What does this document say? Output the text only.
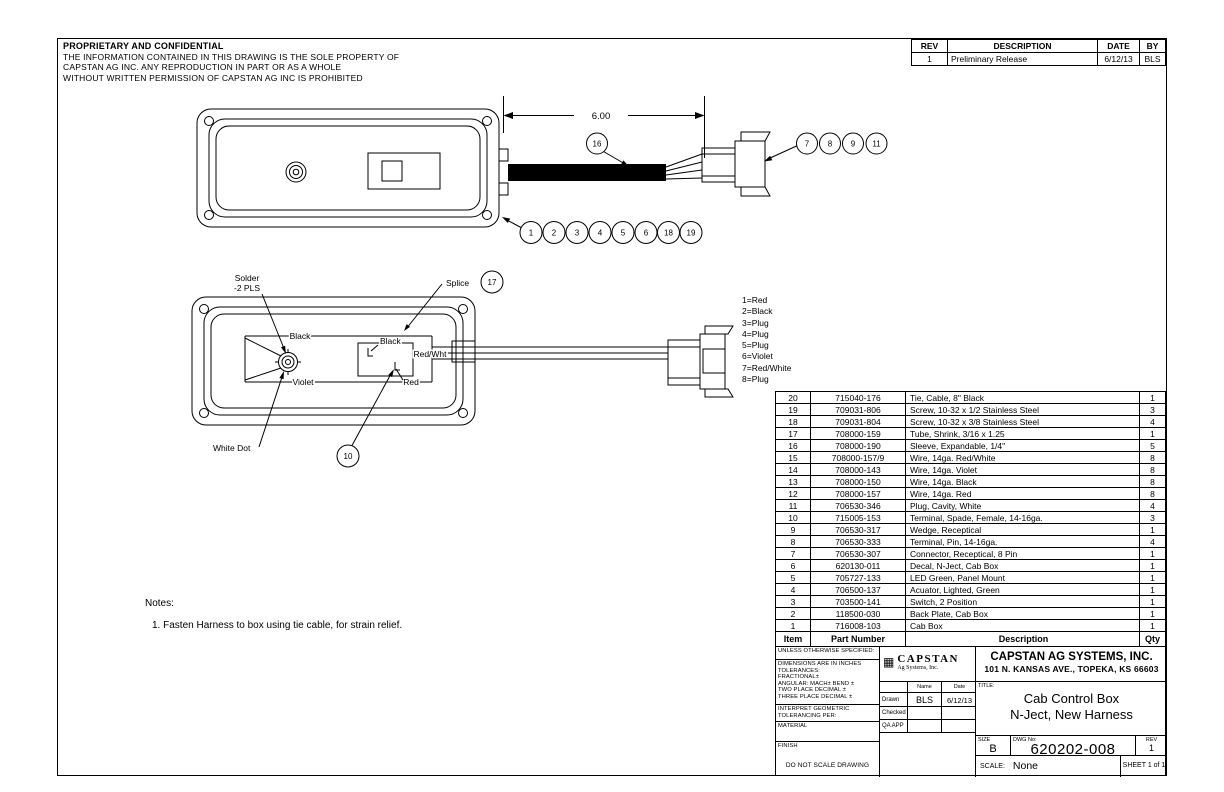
PROPRIETARY AND CONFIDENTIAL
THE INFORMATION CONTAINED IN THIS DRAWING IS THE SOLE PROPERTY OF
CAPSTAN AG INC. ANY REPRODUCTION IN PART OR AS A WHOLE
WITHOUT WRITTEN PERMISSION OF CAPSTAN AG INC IS PROHIBITED
REV	DESCRIPTION	DATE	BY
1	Preliminary Release	6/12/13	BLS
6.00
16	7 8 9 11
1 2 3 4 5 6 18 19
Black
Violet
Black
Red/Wht
Red
Solder
-2 PLS	Splice 17
White Dot
10
1=Red
2=Black
3=Plug
4=Plug
5=Plug
6=Violet
7=Red/White
8=Plug
Notes:
1. Fasten Harness to box using tie cable, for strain relief.
20	715040-176	Tie, Cable, 8" Black	1
19	709031-806	Screw, 10-32 x 1/2 Stainless Steel	3
18	709031-804	Screw, 10-32 x 3/8 Stainless Steel	4
17	708000-159	Tube, Shrink, 3/16 x 1.25	1
16	708000-190	Sleeve, Expandable, 1/4"	5
15	708000-157/9	Wire, 14ga. Red/White	8
14	708000-143	Wire, 14ga. Violet	8
13	708000-150	Wire, 14ga. Black	8
12	708000-157	Wire, 14ga. Red	8
11	706530-346	Plug, Cavity, White	4
10	715005-153	Terminal, Spade, Female, 14-16ga.	3
9	706530-317	Wedge, Receptical	1
8	706530-333	Terminal, Pin, 14-16ga.	4
7	706530-307	Connector, Receptical, 8 Pin	1
6	620130-011	Decal, N-Ject, Cab Box	1
5	705727-133	LED Green, Panel Mount	1
4	706500-137	Acuator, Lighted, Green	1
3	703500-141	Switch, 2 Position	1
2	118500-030	Back Plate, Cab Box	1
1	716008-103	Cab Box	1
Item	Part Number	Description	Qty
UNLESS OTHERWISE SPECIFIED:
DIMENSIONS ARE IN INCHES
TOLERANCES:
FRACTIONAL±
ANGULAR: MACH± BEND ±
TWO PLACE DECIMAL ±
THREE PLACE DECIMAL ±
INTERPRET GEOMETRIC
TOLERANCING PER:
MATERIAL
FINISH
DO NOT SCALE DRAWING
▦ CAPSTAN
Ag Systems, Inc.
Name	Date
Drawn	BLS	6/12/13
Checked
QA APP
CAPSTAN AG SYSTEMS, INC.
101 N. KANSAS AVE., TOPEKA, KS 66603
TITLE:
Cab Control Box
N-Ject, New Harness
SIZE
B
DWG No:
620202-008
REV
1
SCALE: None	SHEET 1 of 1
